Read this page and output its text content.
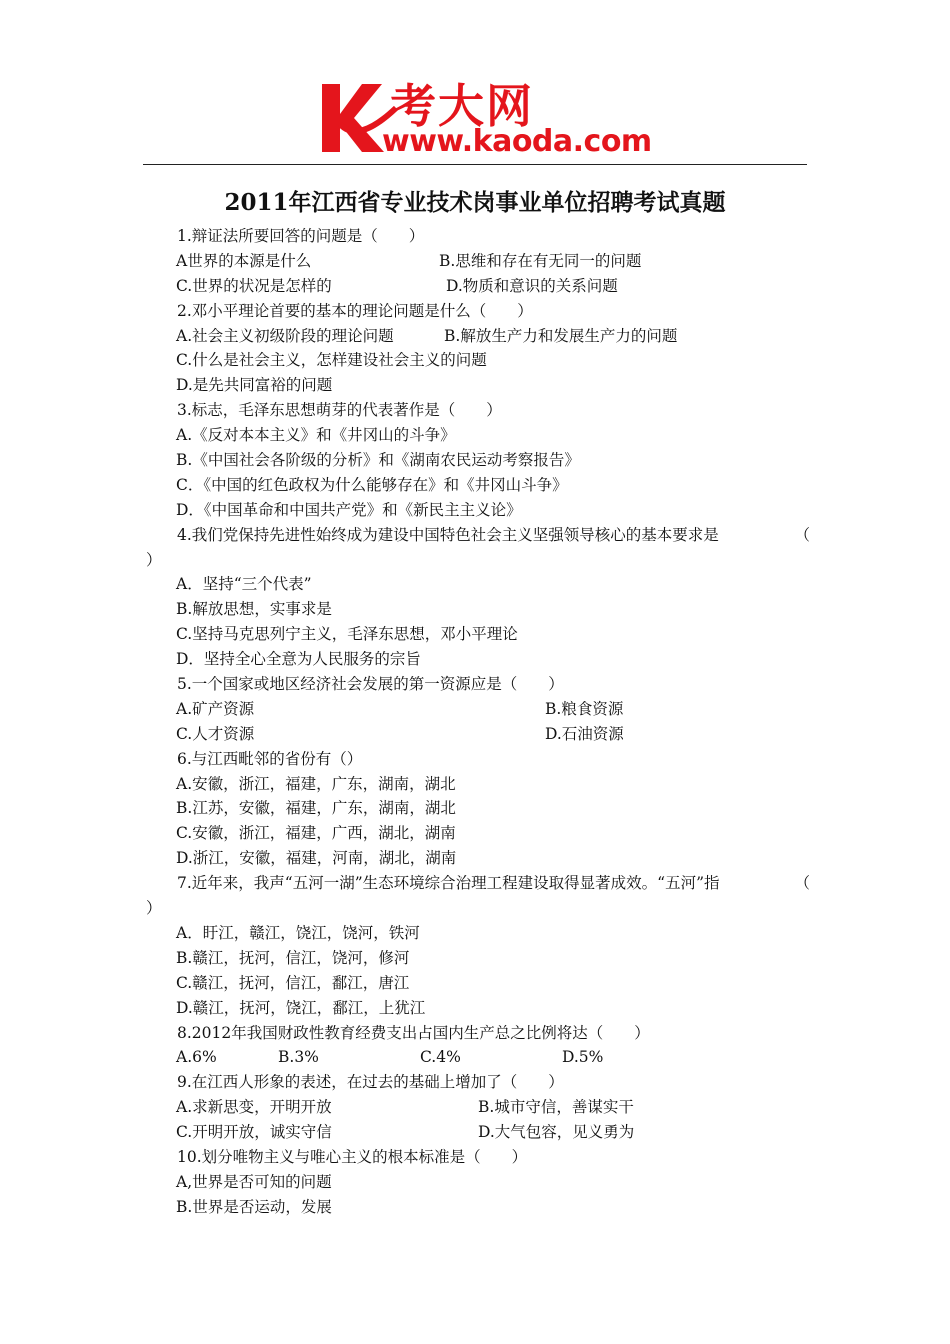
考大网
www.kaoda.com
2011年江西省专业技术岗事业单位招聘考试真题
1.辩证法所要回答的问题是（　　）
A世界的本源是什么	B.思维和存在有无同一的问题
C.世界的状况是怎样的	D.物质和意识的关系问题
2.邓小平理论首要的基本的理论问题是什么（　　）
A.社会主义初级阶段的理论问题	B.解放生产力和发展生产力的问题
C.什么是社会主义，怎样建设社会主义的问题
D.是先共同富裕的问题
3.标志，毛泽东思想萌芽的代表著作是（　　）
A.《反对本本主义》和《井冈山的斗争》
B.《中国社会各阶级的分析》和《湖南农民运动考察报告》
C．《中国的红色政权为什么能够存在》和《井冈山斗争》
D．《中国革命和中国共产党》和《新民主主义论》
4.我们党保持先进性始终成为建设中国特色社会主义坚强领导核心的基本要求是	（
）
A．坚持“三个代表”
B.解放思想，实事求是
C.坚持马克思列宁主义，毛泽东思想，邓小平理论
D．坚持全心全意为人民服务的宗旨
5.一个国家或地区经济社会发展的第一资源应是（　　）
A.矿产资源	B.粮食资源
C.人才资源	D.石油资源
6.与江西毗邻的省份有（）
A.安徽，浙江，福建，广东，湖南，湖北
B.江苏，安徽，福建，广东，湖南，湖北
C.安徽，浙江，福建，广西，湖北，湖南
D.浙江，安徽，福建，河南，湖北，湖南
7.近年来，我声“五河一湖”生态环境综合治理工程建设取得显著成效。“五河”指	（
）
A．盱江，赣江，饶江，饶河，铁河
B.赣江，抚河，信江，饶河，修河
C.赣江，抚河，信江，鄱江，唐江
D.赣江，抚河，饶江，鄱江，上犹江
8.2012年我国财政性教育经费支出占国内生产总之比例将达（　　）
A.6%	B.3%	C.4%	D.5%
9.在江西人形象的表述，在过去的基础上增加了（　　）
A.求新思变，开明开放	B.城市守信，善谋实干
C.开明开放，诚实守信	D.大气包容，见义勇为
10.划分唯物主义与唯心主义的根本标准是（　　）
A,世界是否可知的问题
B.世界是否运动，发展
